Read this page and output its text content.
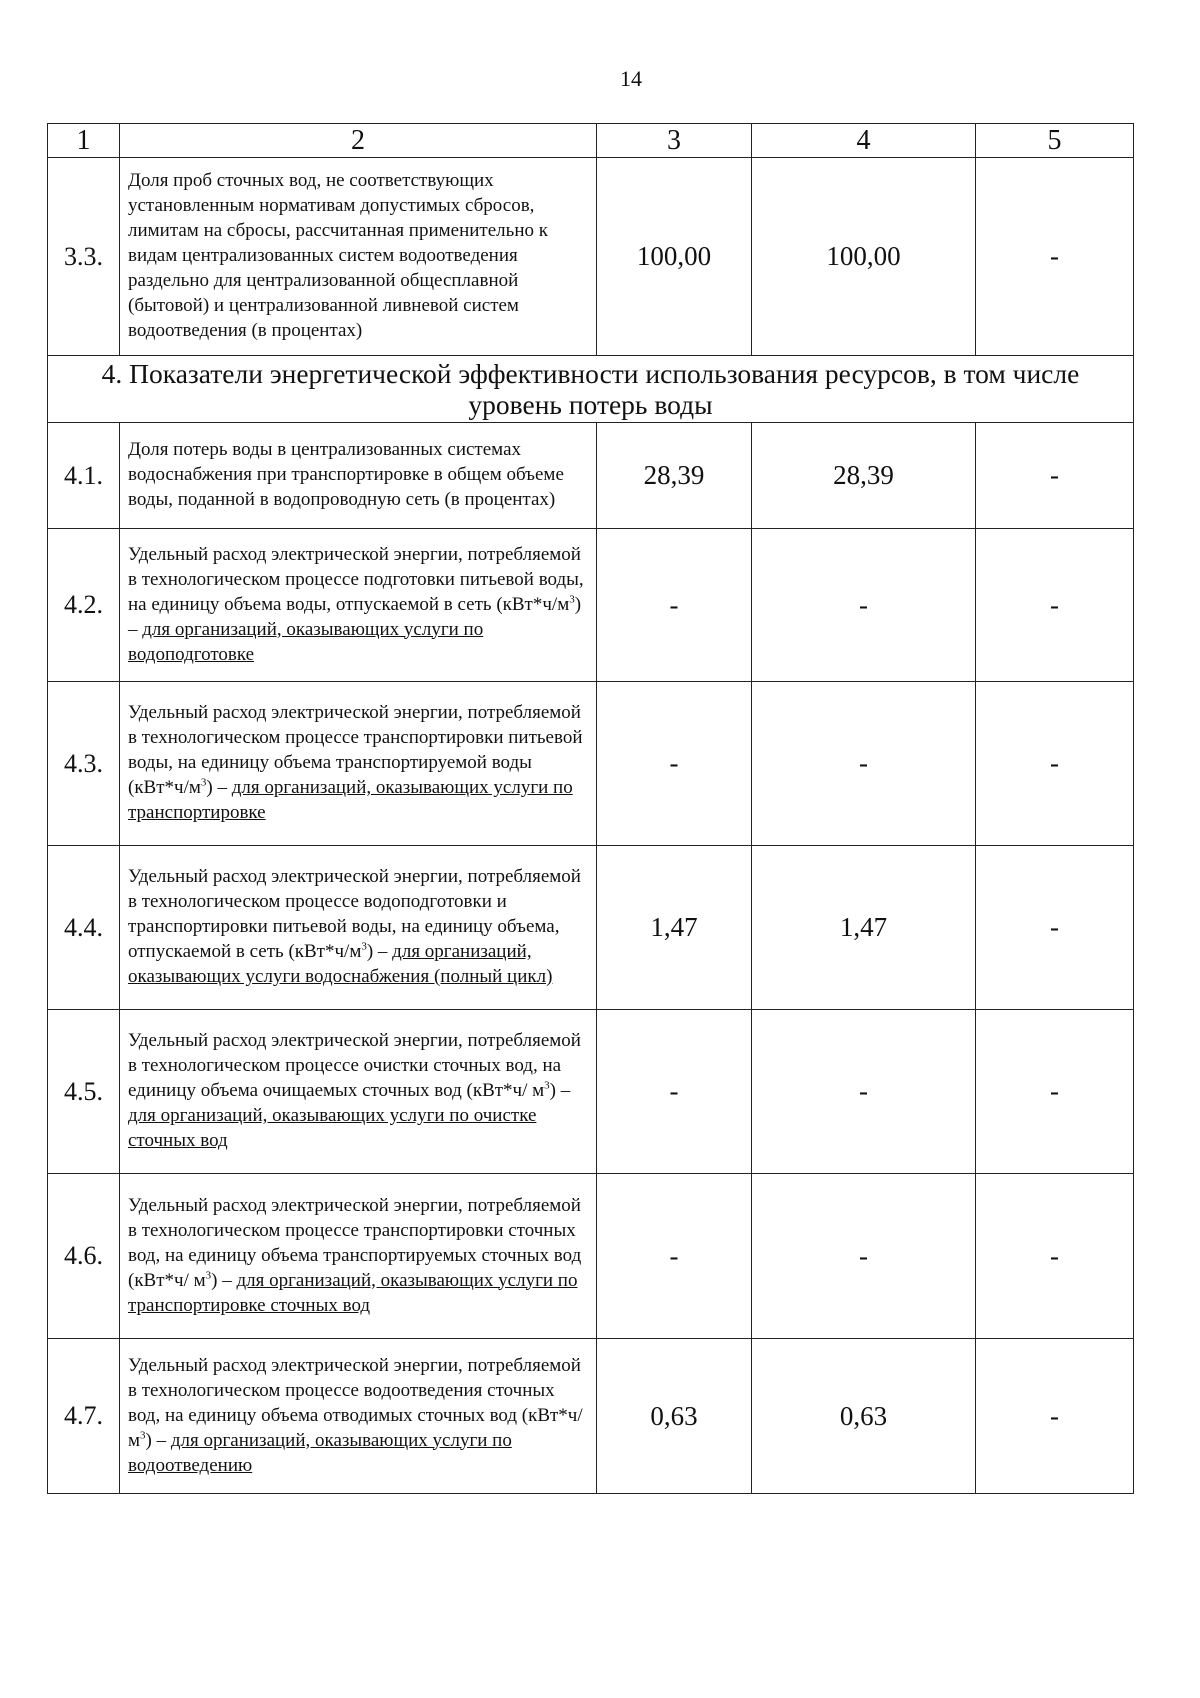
14
1	2	3	4	5
3.3.	Доля проб сточных вод, не соответствующих установленным нормативам допустимых сбросов, лимитам на сбросы, рассчитанная применительно к видам централизованных систем водоотведения раздельно для централизованной общесплавной (бытовой) и централизованной ливневой систем водоотведения (в процентах)	100,00	100,00	-
4. Показатели энергетической эффективности использования ресурсов, в том числе уровень потерь воды				
4.1.	Доля потерь воды в централизованных системах водоснабжения при транспортировке в общем объеме воды, поданной в водопроводную сеть (в процентах)	28,39	28,39	-
4.2.	Удельный расход электрической энергии, потребляемой в технологическом процессе подготовки питьевой воды, на единицу объема воды, отпускаемой в сеть $(кВт*ч/м^3)$ – для организаций, оказывающих услуги по водоподготовке	-	-	-
4.3.	Удельный расход электрической энергии, потребляемой в технологическом процессе транспортировки питьевой воды, на единицу объема транспортируемой воды $(кВт*ч/м^3)$ – для организаций, оказывающих услуги по транспортировке	-	-	-
4.4.	Удельный расход электрической энергии, потребляемой в технологическом процессе водоподготовки и транспортировки питьевой воды, на единицу объема, отпускаемой в сеть $(кВт*ч/м^3)$ – для организаций, оказывающих услуги водоснабжения (полный цикл)	1,47	1,47	-
4.5.	Удельный расход электрической энергии, потребляемой в технологическом процессе очистки сточных вод, на единицу объема очищаемых сточных вод (кВт*ч/ $м^3$) – для организаций, оказывающих услуги по очистке сточных вод	-	-	-
4.6.	Удельный расход электрической энергии, потребляемой в технологическом процессе транспортировки сточных вод, на единицу объема транспортируемых сточных вод (кВт*ч/ $м^3$) – для организаций, оказывающих услуги по транспортировке сточных вод	-	-	-
4.7.	Удельный расход электрической энергии, потребляемой в технологическом процессе водоотведения сточных вод, на единицу объема отводимых сточных вод (кВт*ч/ $м^3$) – для организаций, оказывающих услуги по водоотведению	0,63	0,63	-
